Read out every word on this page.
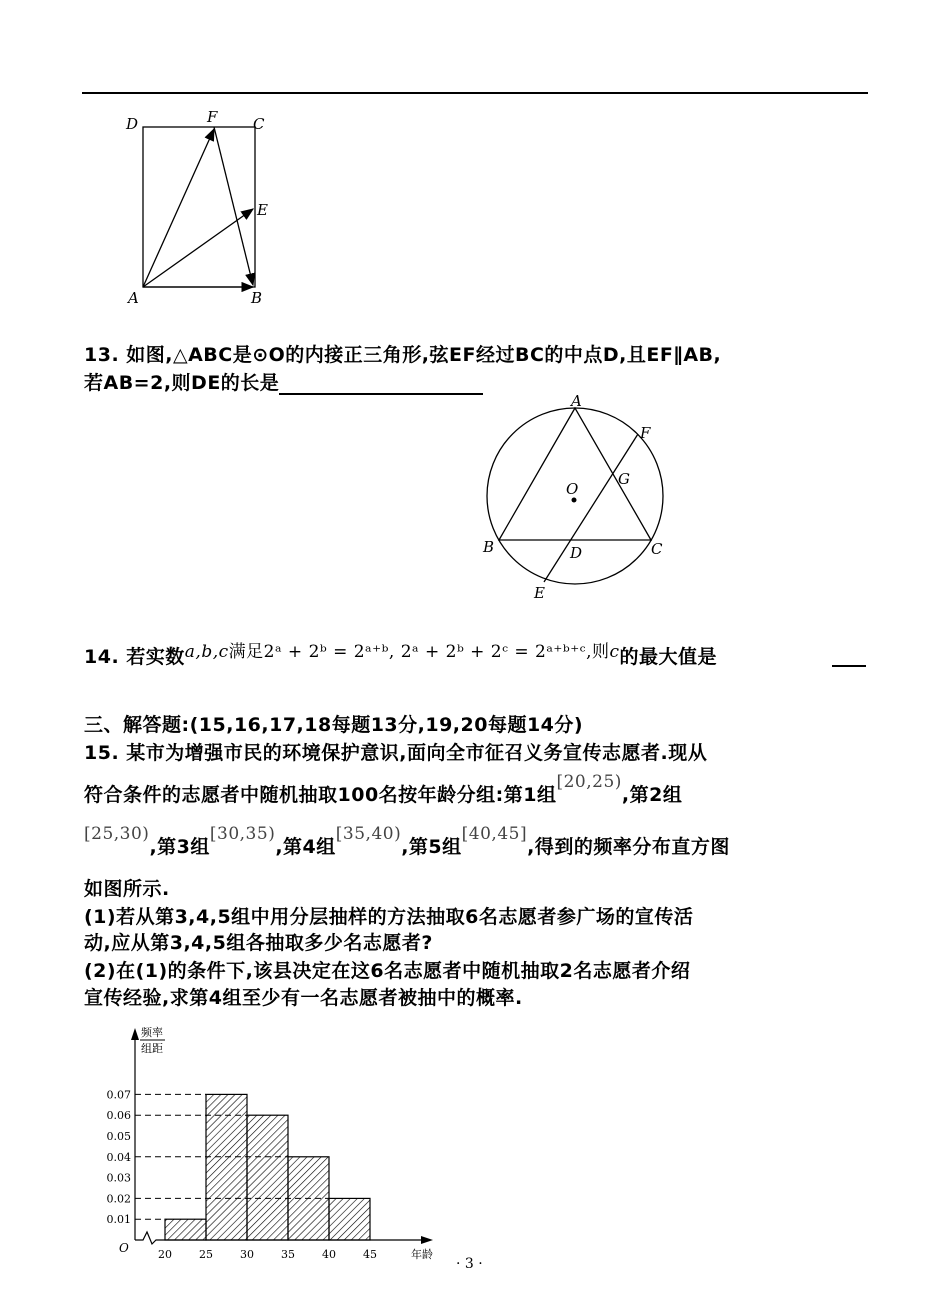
D	F C
E
A	B
13. 如图,△ABC是⊙O的内接正三角形,弦EF经过BC的中点D,且EF∥AB,
若AB=2,则DE的长是
A
F
G
O
B	D	C
E
14. 若实数a,b,c满足2ᵃ + 2ᵇ = 2ᵃ⁺ᵇ, 2ᵃ + 2ᵇ + 2ᶜ = 2ᵃ⁺ᵇ⁺ᶜ,则c的最大值是
三、解答题:(15,16,17,18每题13分,19,20每题14分)
15. 某市为增强市民的环境保护意识,面向全市征召义务宣传志愿者.现从
符合条件的志愿者中随机抽取100名按年龄分组:第1组[20,25),第2组
[25,30),第3组[30,35),第4组[35,40),第5组[40,45],得到的频率分布直方图
如图所示.
(1)若从第3,4,5组中用分层抽样的方法抽取6名志愿者参广场的宣传活
动,应从第3,4,5组各抽取多少名志愿者?
(2)在(1)的条件下,该县决定在这6名志愿者中随机抽取2名志愿者介绍
宣传经验,求第4组至少有一名志愿者被抽中的概率.
0.01
0.02
0.03
0.04
0.05
0.06
0.07
20 25 30 35 40 45
O	年龄
频率
组距
· 3 ·
